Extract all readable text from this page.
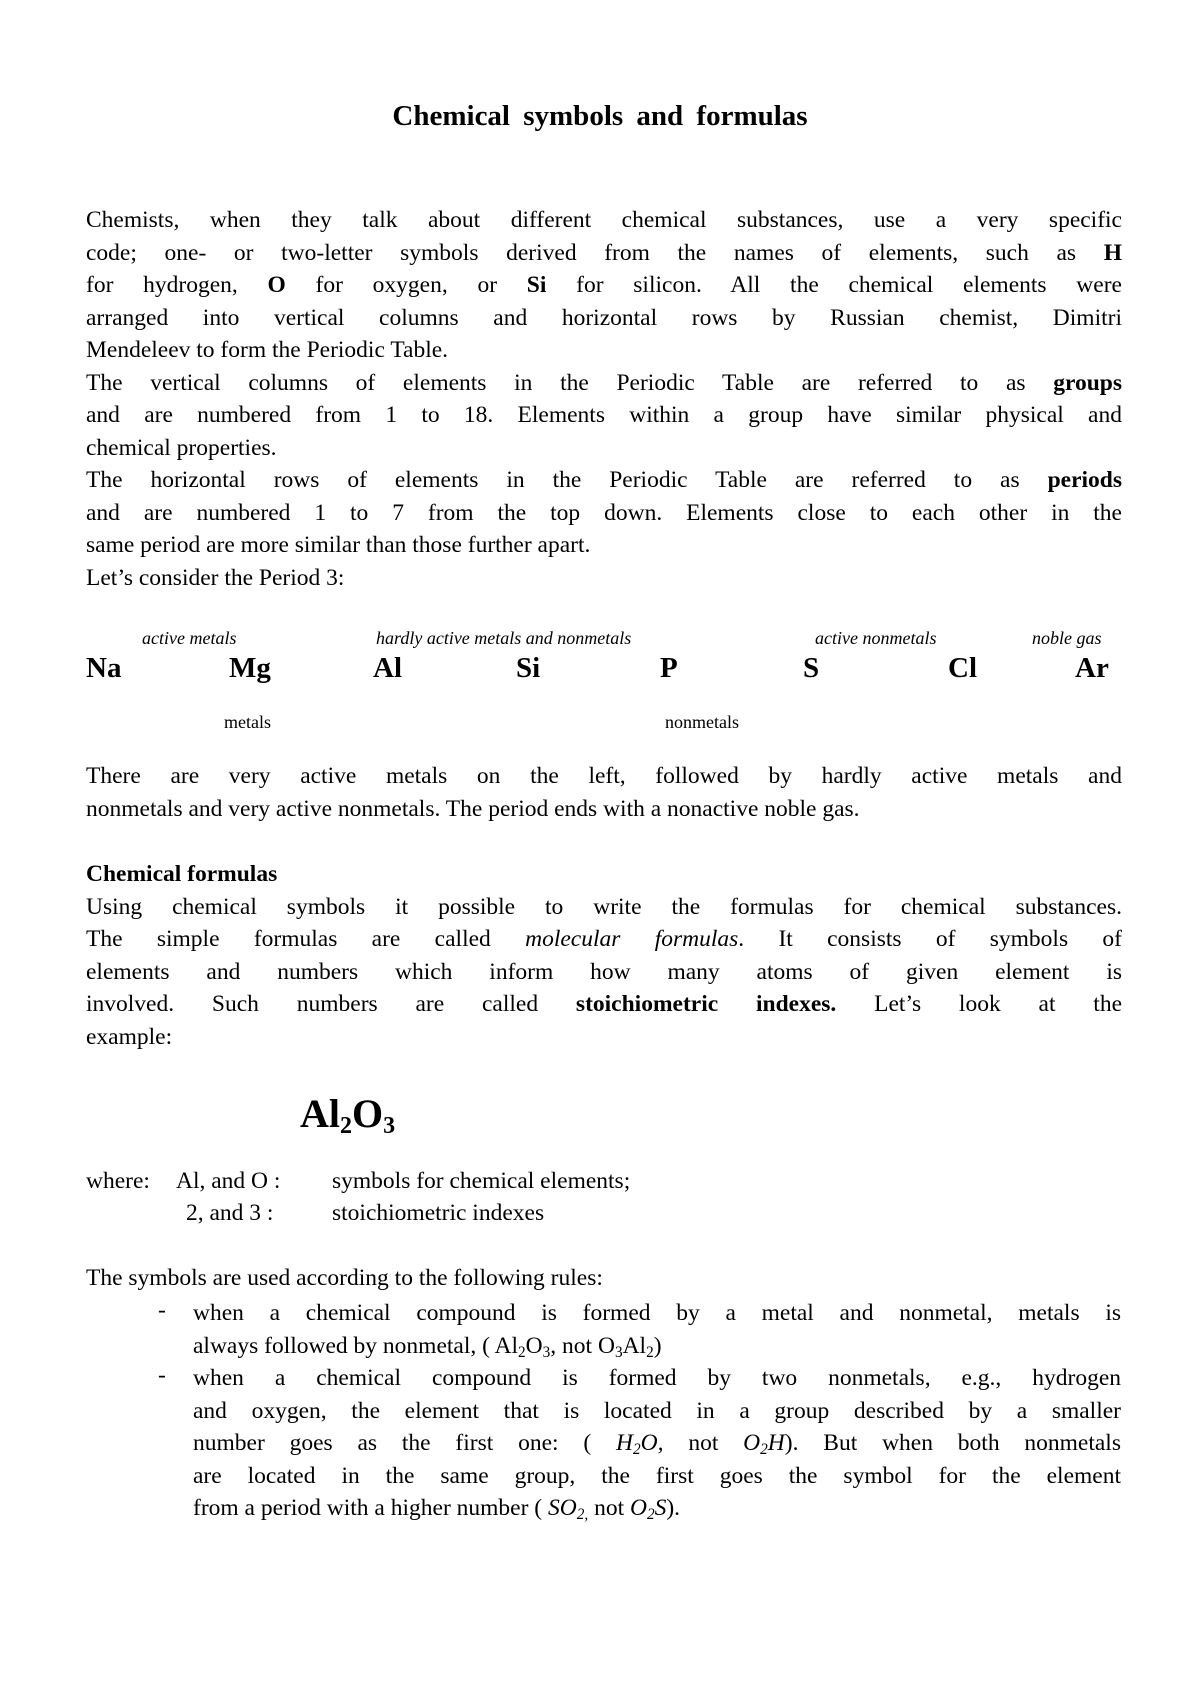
Chemical symbols and formulas
Chemists, when they talk about different chemical substances, use a very specific
code; one- or two-letter symbols derived from the names of elements, such as H
for hydrogen, O for oxygen, or Si for silicon. All the chemical elements were
arranged into vertical columns and horizontal rows by Russian chemist, Dimitri
Mendeleev to form the Periodic Table.
The vertical columns of elements in the Periodic Table are referred to as groups
and are numbered from 1 to 18. Elements within a group have similar physical and
chemical properties.
The horizontal rows of elements in the Periodic Table are referred to as periods
and are numbered 1 to 7 from the top down. Elements close to each other in the
same period are more similar than those further apart.
Let’s consider the Period 3:
active metals	hardly active metals and nonmetals	active nonmetals	noble gas
Na	Mg	Al	Si	P	S	Cl	Ar
metals	nonmetals
There are very active metals on the left, followed by hardly active metals and
nonmetals and very active nonmetals. The period ends with a nonactive noble gas.
Chemical formulas
Using chemical symbols it possible to write the formulas for chemical substances.
The simple formulas are called molecular formulas. It consists of symbols of
elements and numbers which inform how many atoms of given element is
involved. Such numbers are called stoichiometric indexes. Let’s look at the
example:
$Al_2O_3$
where: Al, and O : symbols for chemical elements;
2, and 3 : stoichiometric indexes
The symbols are used according to the following rules:
- when a chemical compound is formed by a metal and nonmetal, metals is
always followed by nonmetal, ( $Al_2O_3$, not $O_3Al_2$)
- when a chemical compound is formed by two nonmetals, e.g., hydrogen
and oxygen, the element that is located in a group described by a smaller
number goes as the first one: ( $H_2O$, not $O_2H$). But when both nonmetals
are located in the same group, the first goes the symbol for the element
from a period with a higher number ( $SO_{2,}$ not $O_2S$).
